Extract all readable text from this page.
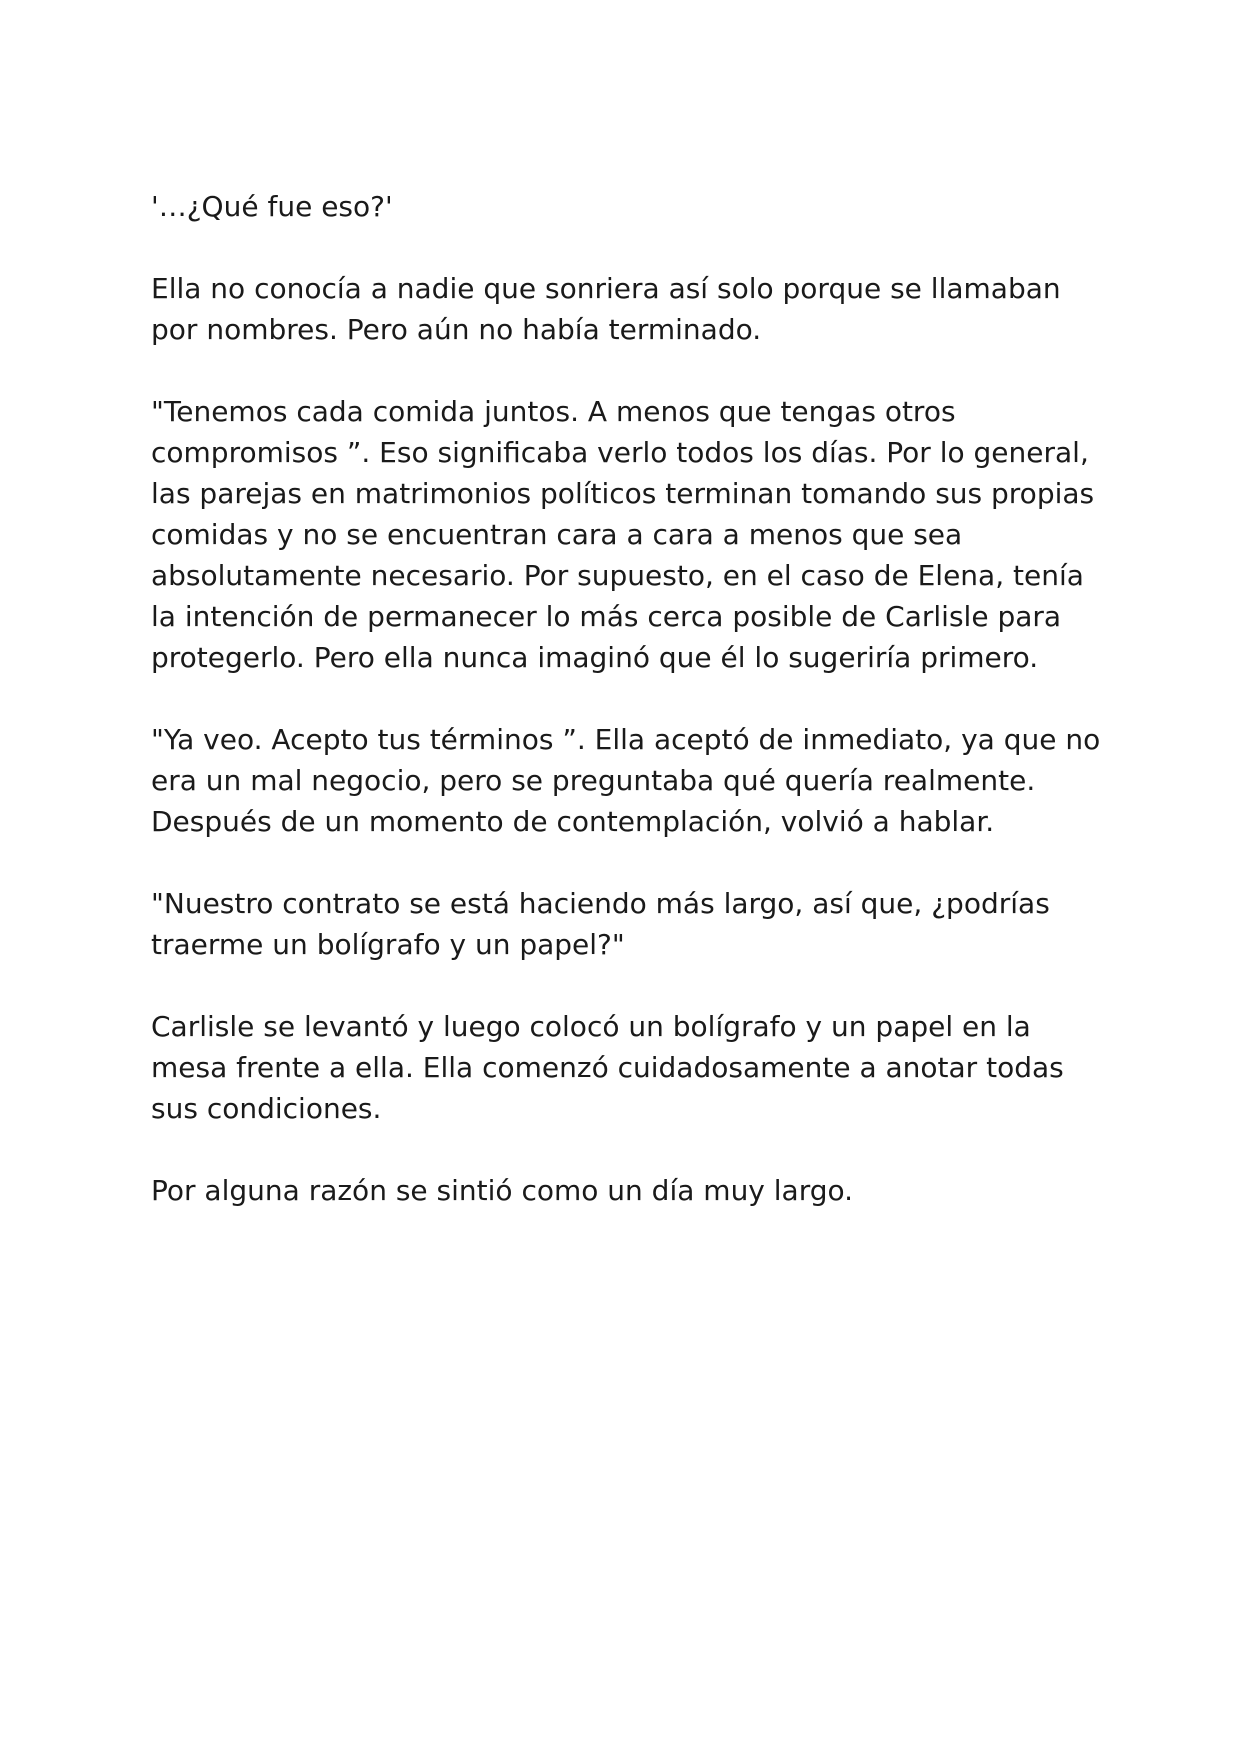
'…¿Qué fue eso?'

Ella no conocía a nadie que sonriera así solo porque se llamaban por nombres. Pero aún no había terminado.

"Tenemos cada comida juntos. A menos que tengas otros compromisos ”. Eso significaba verlo todos los días. Por lo general, las parejas en matrimonios políticos terminan tomando sus propias comidas y no se encuentran cara a cara a menos que sea absolutamente necesario. Por supuesto, en el caso de Elena, tenía la intención de permanecer lo más cerca posible de Carlisle para protegerlo. Pero ella nunca imaginó que él lo sugeriría primero.

"Ya veo. Acepto tus términos ”. Ella aceptó de inmediato, ya que no era un mal negocio, pero se preguntaba qué quería realmente. Después de un momento de contemplación, volvió a hablar.

"Nuestro contrato se está haciendo más largo, así que, ¿podrías traerme un bolígrafo y un papel?"

Carlisle se levantó y luego colocó un bolígrafo y un papel en la mesa frente a ella. Ella comenzó cuidadosamente a anotar todas sus condiciones.

Por alguna razón se sintió como un día muy largo.
